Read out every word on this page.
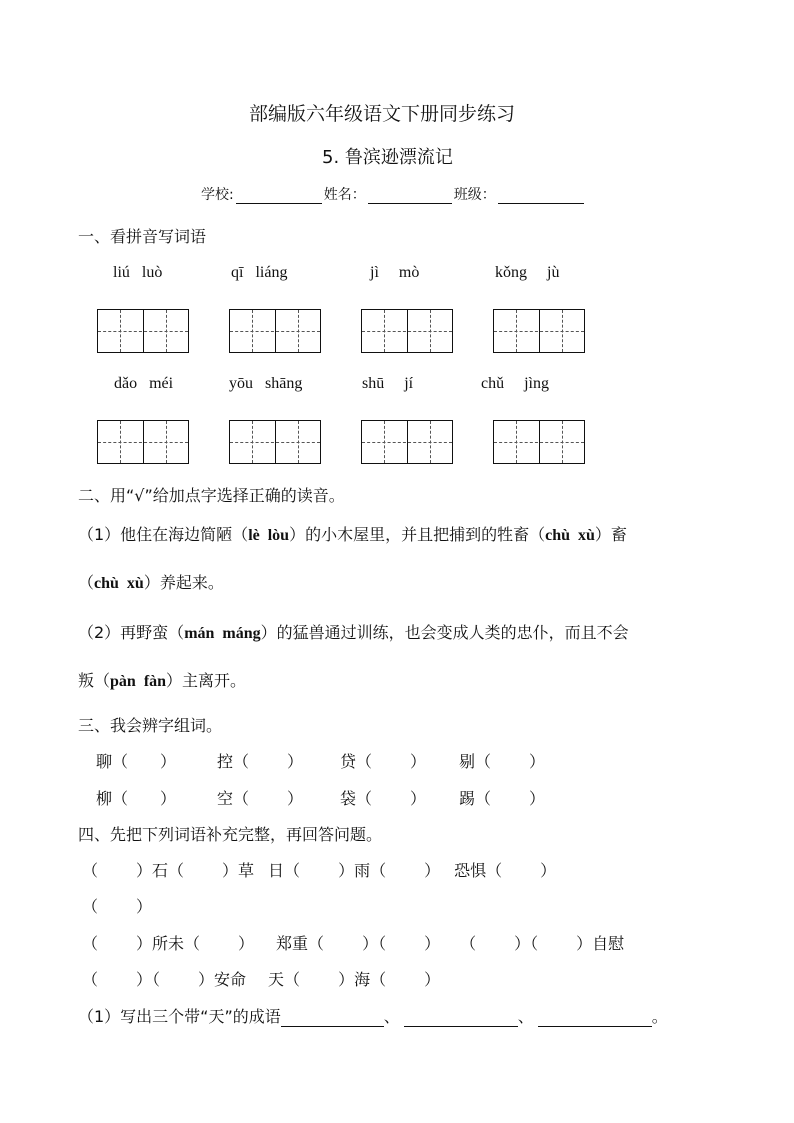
部编版六年级语文下册同步练习
5. 鲁滨逊漂流记
学校:	姓名：	班级：
一、看拼音写词语
liú luò	qī liáng	jì mò	kǒng jù
dǎo méi	yōu shāng	shū jí	chǔ jìng
二、用“√”给加点字选择正确的读音。
（1）他住在海边简陋（lè  lòu）的小木屋里，并且把捕到的牲畜（chù  xù）畜
（chù  xù）养起来。
（2）再野蛮（mán  máng）的猛兽通过训练，也会变成人类的忠仆，而且不会
叛（pàn  fàn）主离开。
三、我会辨字组词。
聊（ ）	控（ ） 贷（ ） 剔（ ）
柳（ ）	空（ ） 袋（ ） 踢（ ）
四、先把下列词语补充完整，再回答问题。
（ ）石（ ）草 日（ ）雨（ ） 恐惧（ ）
（ ）
（ ）所未（ ） 郑重（ ）（ ） （ ）（ ）自慰
（ ）（ ）安命 天（ ）海（ ）
（1）写出三个带“天”的成语	、	、	。
